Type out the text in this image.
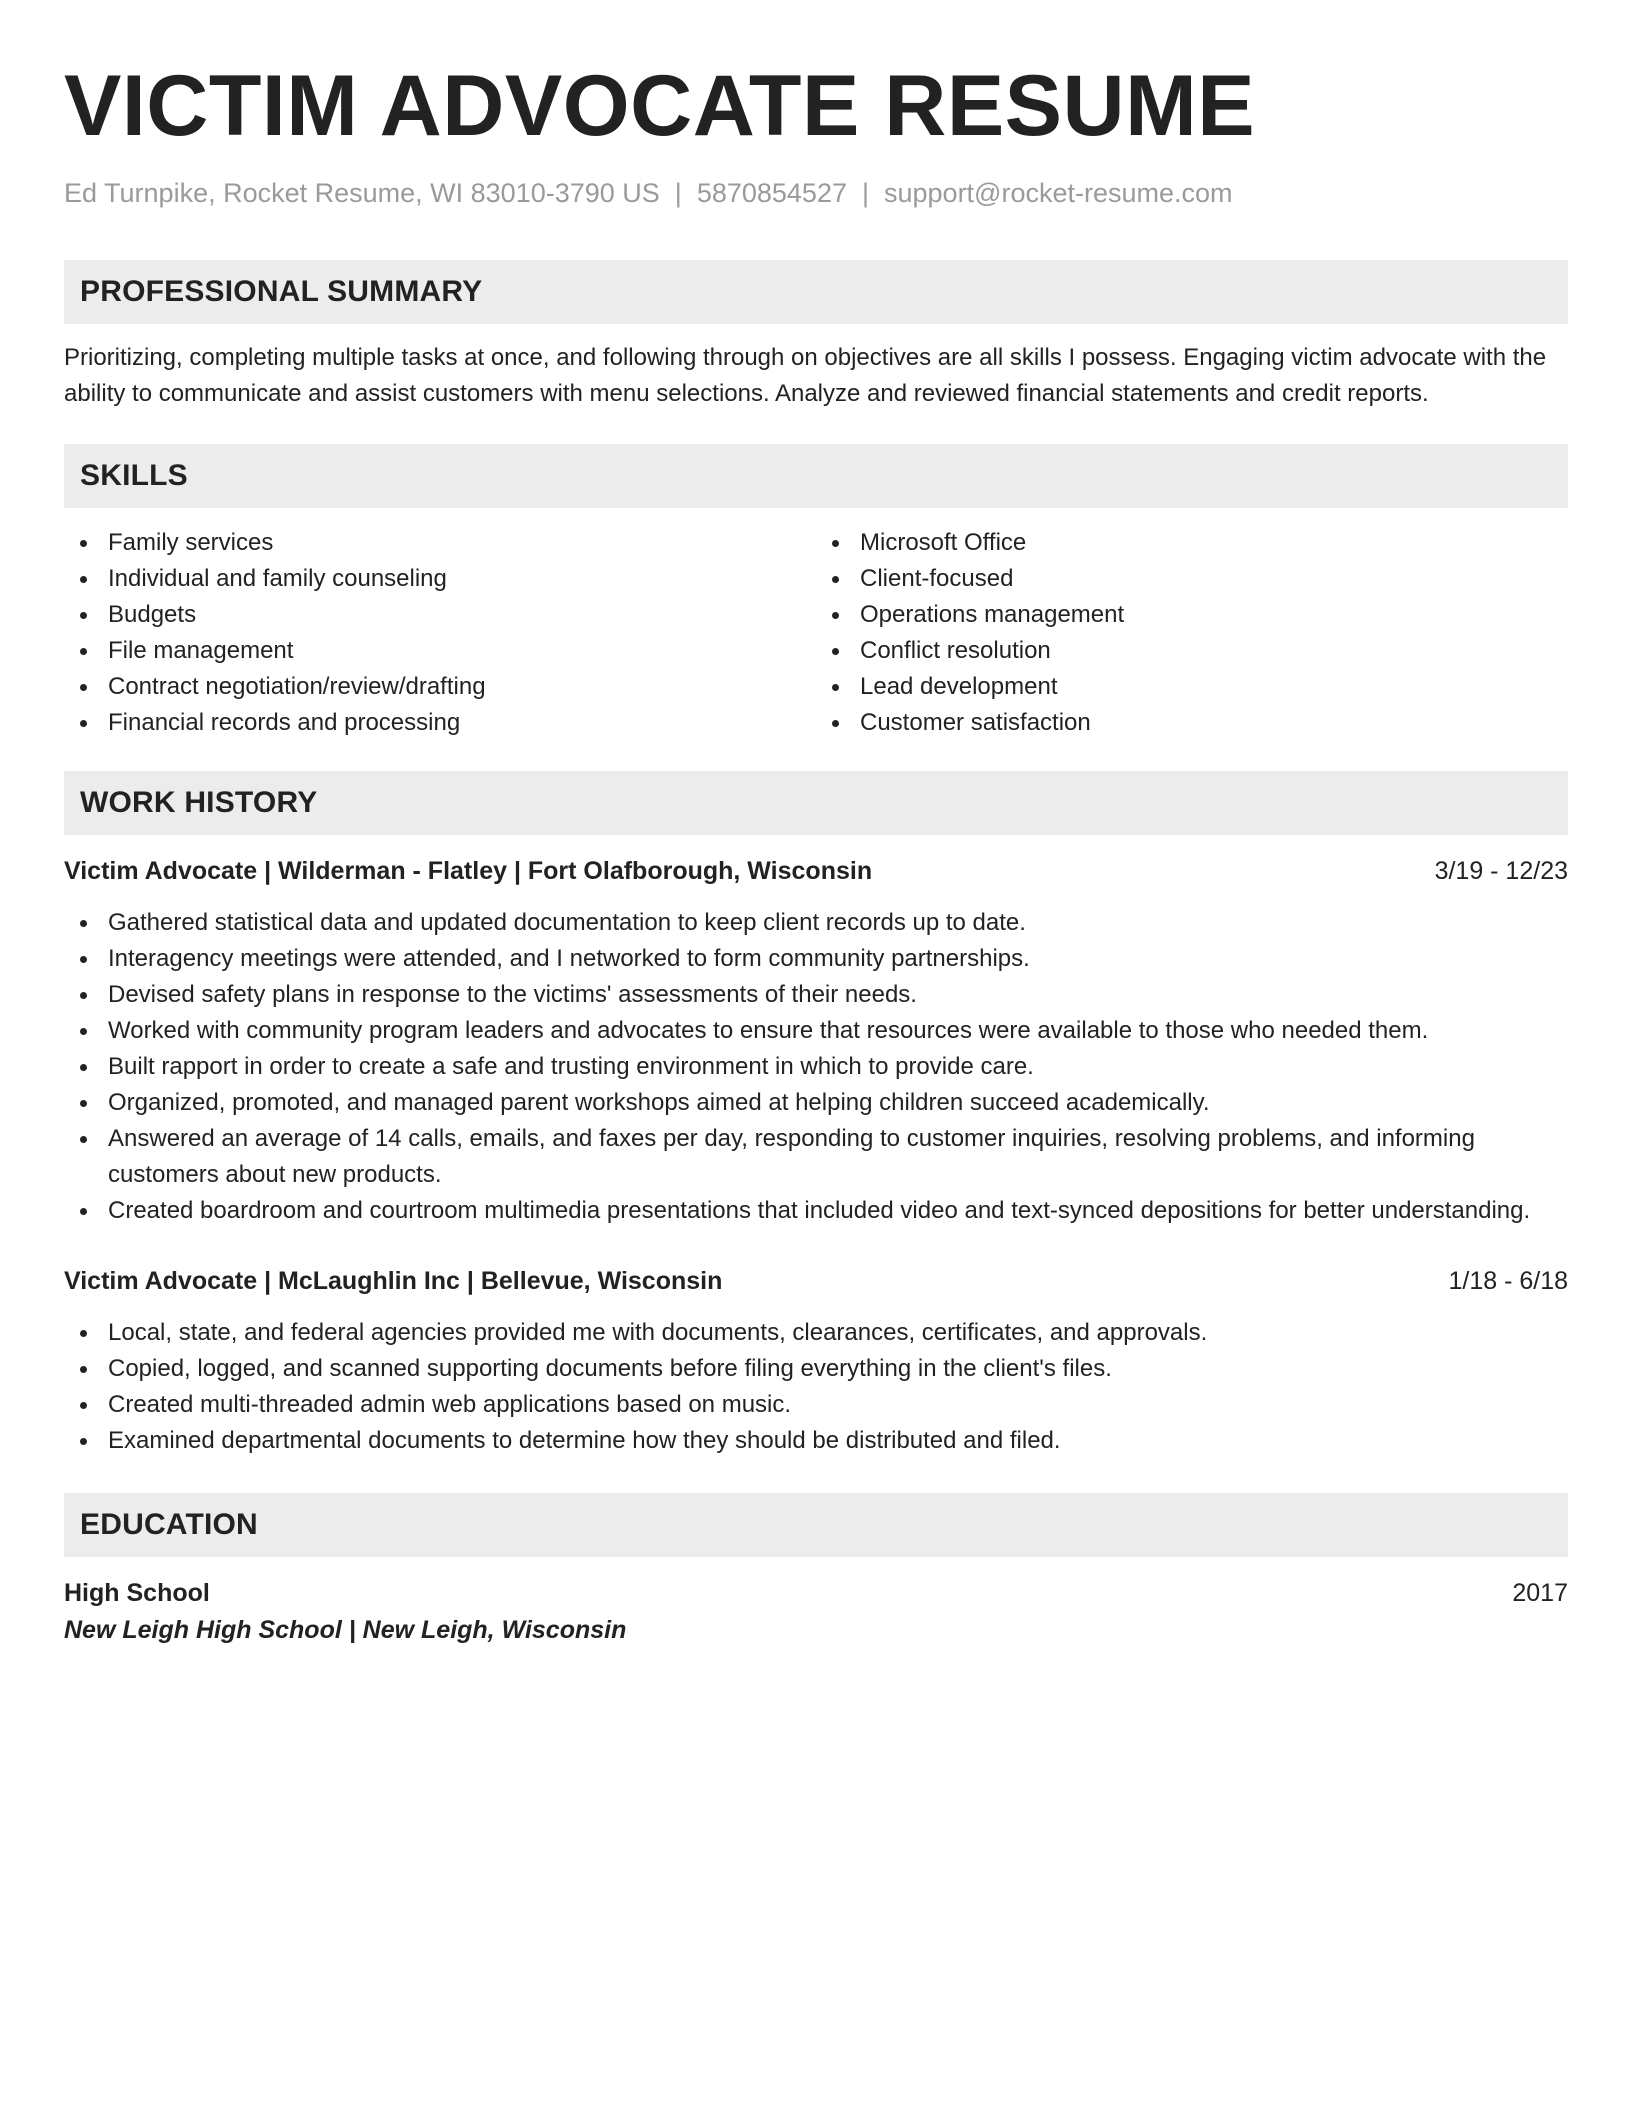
VICTIM ADVOCATE RESUME
Ed Turnpike, Rocket Resume, WI 83010-3790 US | 5870854527 | support@rocket-resume.com
PROFESSIONAL SUMMARY
Prioritizing, completing multiple tasks at once, and following through on objectives are all skills I possess. Engaging victim advocate with the ability to communicate and assist customers with menu selections. Analyze and reviewed financial statements and credit reports.
SKILLS
Family services
Individual and family counseling
Budgets
File management
Contract negotiation/review/drafting
Financial records and processing
Microsoft Office
Client-focused
Operations management
Conflict resolution
Lead development
Customer satisfaction
WORK HISTORY
Victim Advocate | Wilderman - Flatley | Fort Olafborough, Wisconsin	3/19 - 12/23
Gathered statistical data and updated documentation to keep client records up to date.
Interagency meetings were attended, and I networked to form community partnerships.
Devised safety plans in response to the victims' assessments of their needs.
Worked with community program leaders and advocates to ensure that resources were available to those who needed them.
Built rapport in order to create a safe and trusting environment in which to provide care.
Organized, promoted, and managed parent workshops aimed at helping children succeed academically.
Answered an average of 14 calls, emails, and faxes per day, responding to customer inquiries, resolving problems, and informing customers about new products.
Created boardroom and courtroom multimedia presentations that included video and text-synced depositions for better understanding.
Victim Advocate | McLaughlin Inc | Bellevue, Wisconsin	1/18 - 6/18
Local, state, and federal agencies provided me with documents, clearances, certificates, and approvals.
Copied, logged, and scanned supporting documents before filing everything in the client's files.
Created multi-threaded admin web applications based on music.
Examined departmental documents to determine how they should be distributed and filed.
EDUCATION
High School	2017
New Leigh High School | New Leigh, Wisconsin
